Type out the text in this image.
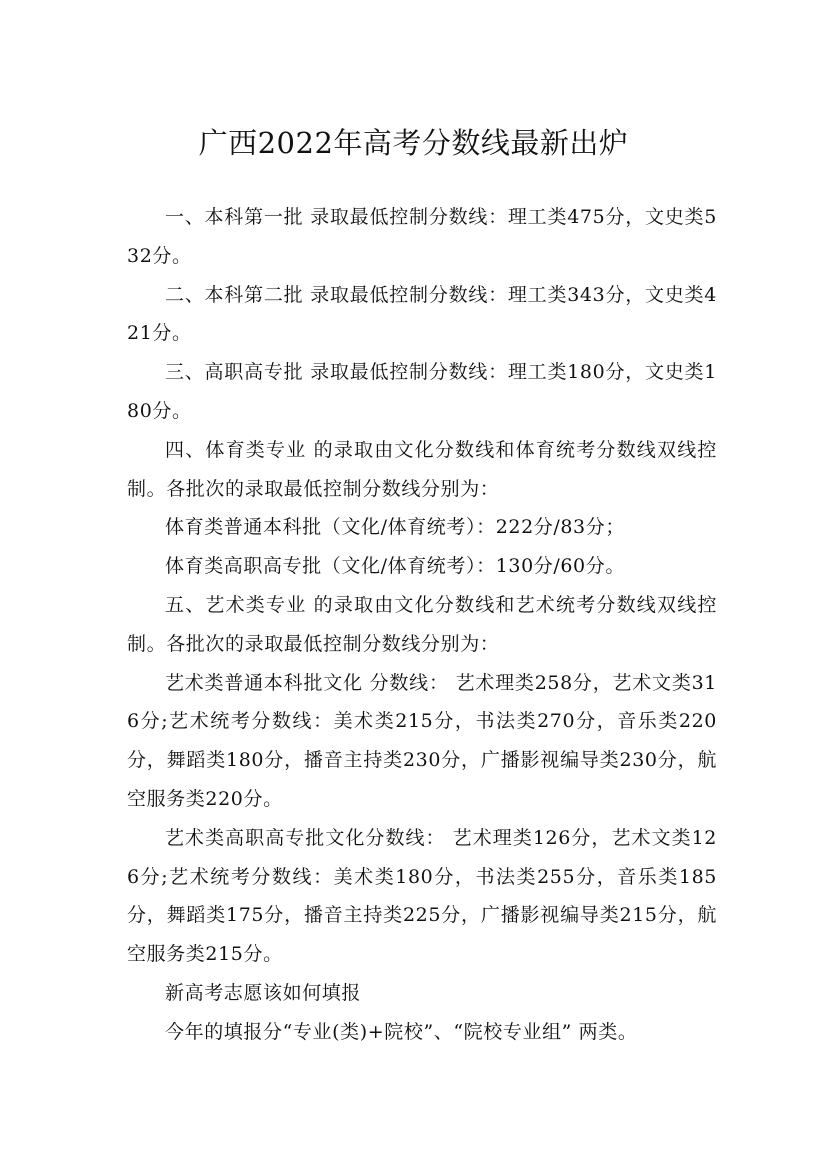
广西2022年高考分数线最新出炉

一、本科第一批 录取最低控制分数线：理工类475分，文史类532分。

二、本科第二批 录取最低控制分数线：理工类343分，文史类421分。

三、高职高专批 录取最低控制分数线：理工类180分，文史类180分。

四、体育类专业 的录取由文化分数线和体育统考分数线双线控制。各批次的录取最低控制分数线分别为：

体育类普通本科批（文化/体育统考）：222分/83分；

体育类高职高专批（文化/体育统考）：130分/60分。

五、艺术类专业 的录取由文化分数线和艺术统考分数线双线控制。各批次的录取最低控制分数线分别为：

艺术类普通本科批文化 分数线： 艺术理类258分，艺术文类316分;艺术统考分数线：美术类215分，书法类270分，音乐类220分，舞蹈类180分，播音主持类230分，广播影视编导类230分，航空服务类220分。

艺术类高职高专批文化分数线： 艺术理类126分，艺术文类126分;艺术统考分数线：美术类180分，书法类255分，音乐类185分，舞蹈类175分，播音主持类225分，广播影视编导类215分，航空服务类215分。

新高考志愿该如何填报

今年的填报分“专业(类)+院校”、“院校专业组” 两类。
